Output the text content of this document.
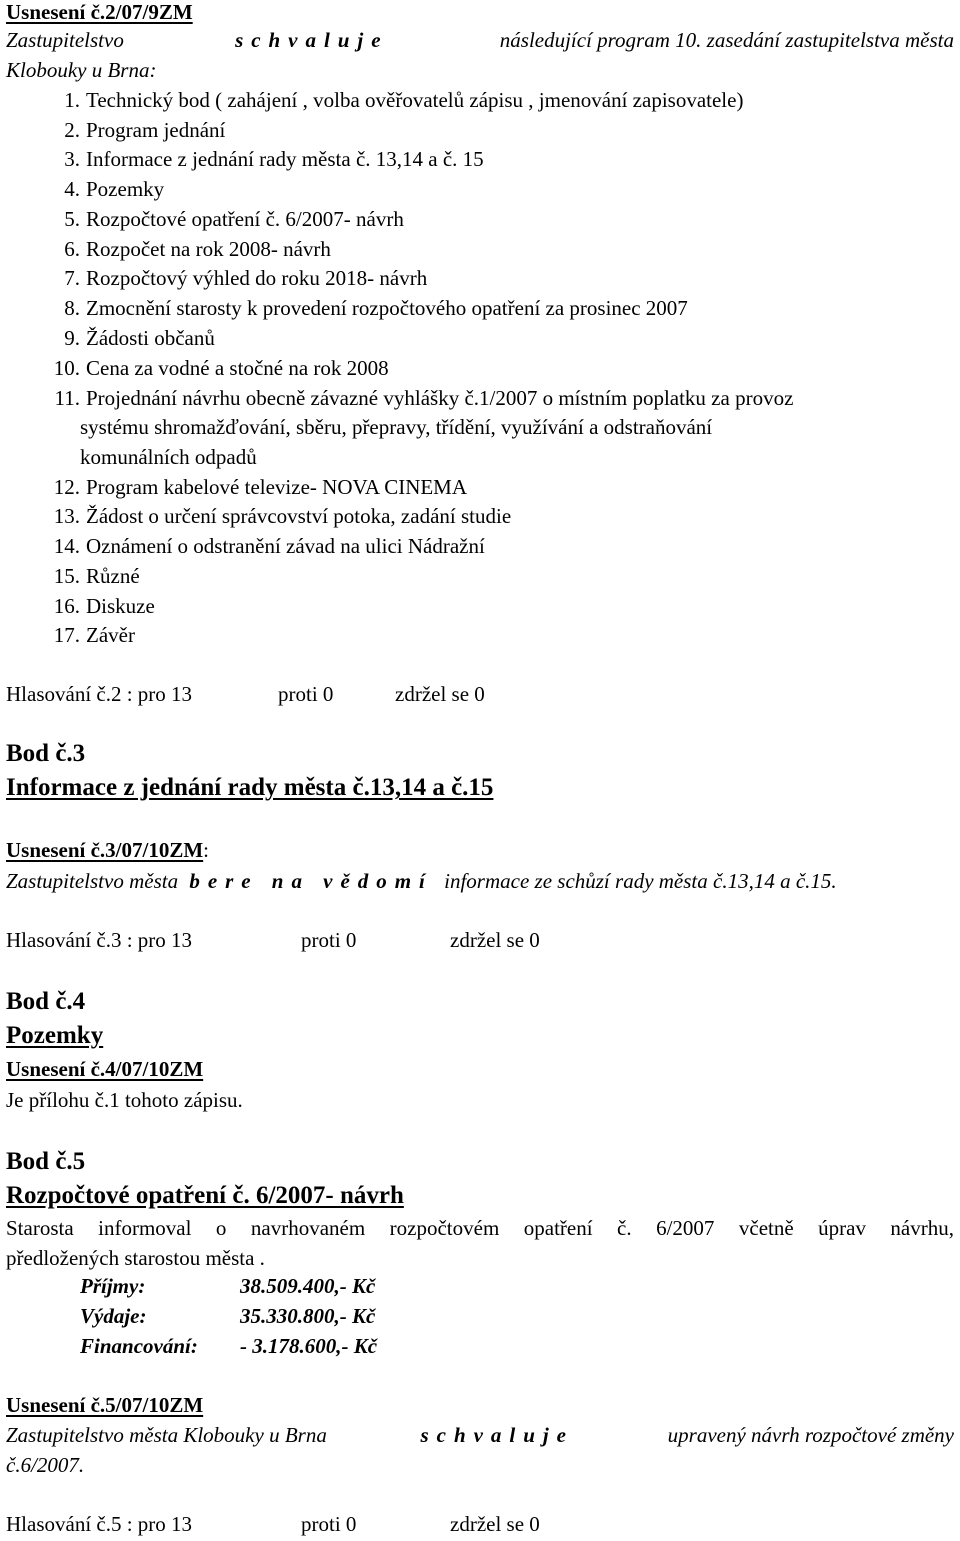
Usnesení č.2/07/9ZM
Zastupitelstvo	schvaluje	následující program 10. zasedání zastupitelstva města
Klobouky u Brna:
1. Technický bod ( zahájení , volba ověřovatelů zápisu , jmenování zapisovatele)
2. Program jednání
3. Informace z jednání rady města č. 13,14 a č. 15
4. Pozemky
5. Rozpočtové opatření č. 6/2007- návrh
6. Rozpočet na rok 2008- návrh
7. Rozpočtový výhled do roku 2018- návrh
8. Zmocnění starosty k provedení rozpočtového opatření za prosinec 2007
9. Žádosti občanů
10. Cena za vodné a stočné na rok 2008
11. Projednání návrhu obecně závazné vyhlášky č.1/2007 o místním poplatku za provoz
systému shromažďování, sběru, přepravy, třídění, využívání a odstraňování
komunálních odpadů
12. Program kabelové televize- NOVA CINEMA
13. Žádost o určení správcovství potoka, zadání studie
14. Oznámení o odstranění závad na ulici Nádražní
15. Různé
16. Diskuze
17. Závěr
Hlasování č.2 : pro 13	proti 0	zdržel se 0
Bod č.3
Informace z jednání rady města č.13,14 a č.15
Usnesení č.3/07/10ZM:
Zastupitelstvo města bere na vědomí informace ze schůzí rady města č.13,14 a č.15.
Hlasování č.3 : pro 13	proti 0	zdržel se 0
Bod č.4
Pozemky
Usnesení č.4/07/10ZM
Je přílohu č.1 tohoto zápisu.
Bod č.5
Rozpočtové opatření č. 6/2007- návrh
Starosta informoval o navrhovaném rozpočtovém opatření č. 6/2007 včetně úprav návrhu,
předložených starostou města .
Příjmy:	38.509.400,- Kč
Výdaje:	35.330.800,- Kč
Financování: - 3.178.600,- Kč
Usnesení č.5/07/10ZM
Zastupitelstvo města Klobouky u Brna	schvaluje	upravený návrh rozpočtové změny
č.6/2007.
Hlasování č.5 : pro 13	proti 0	zdržel se 0
